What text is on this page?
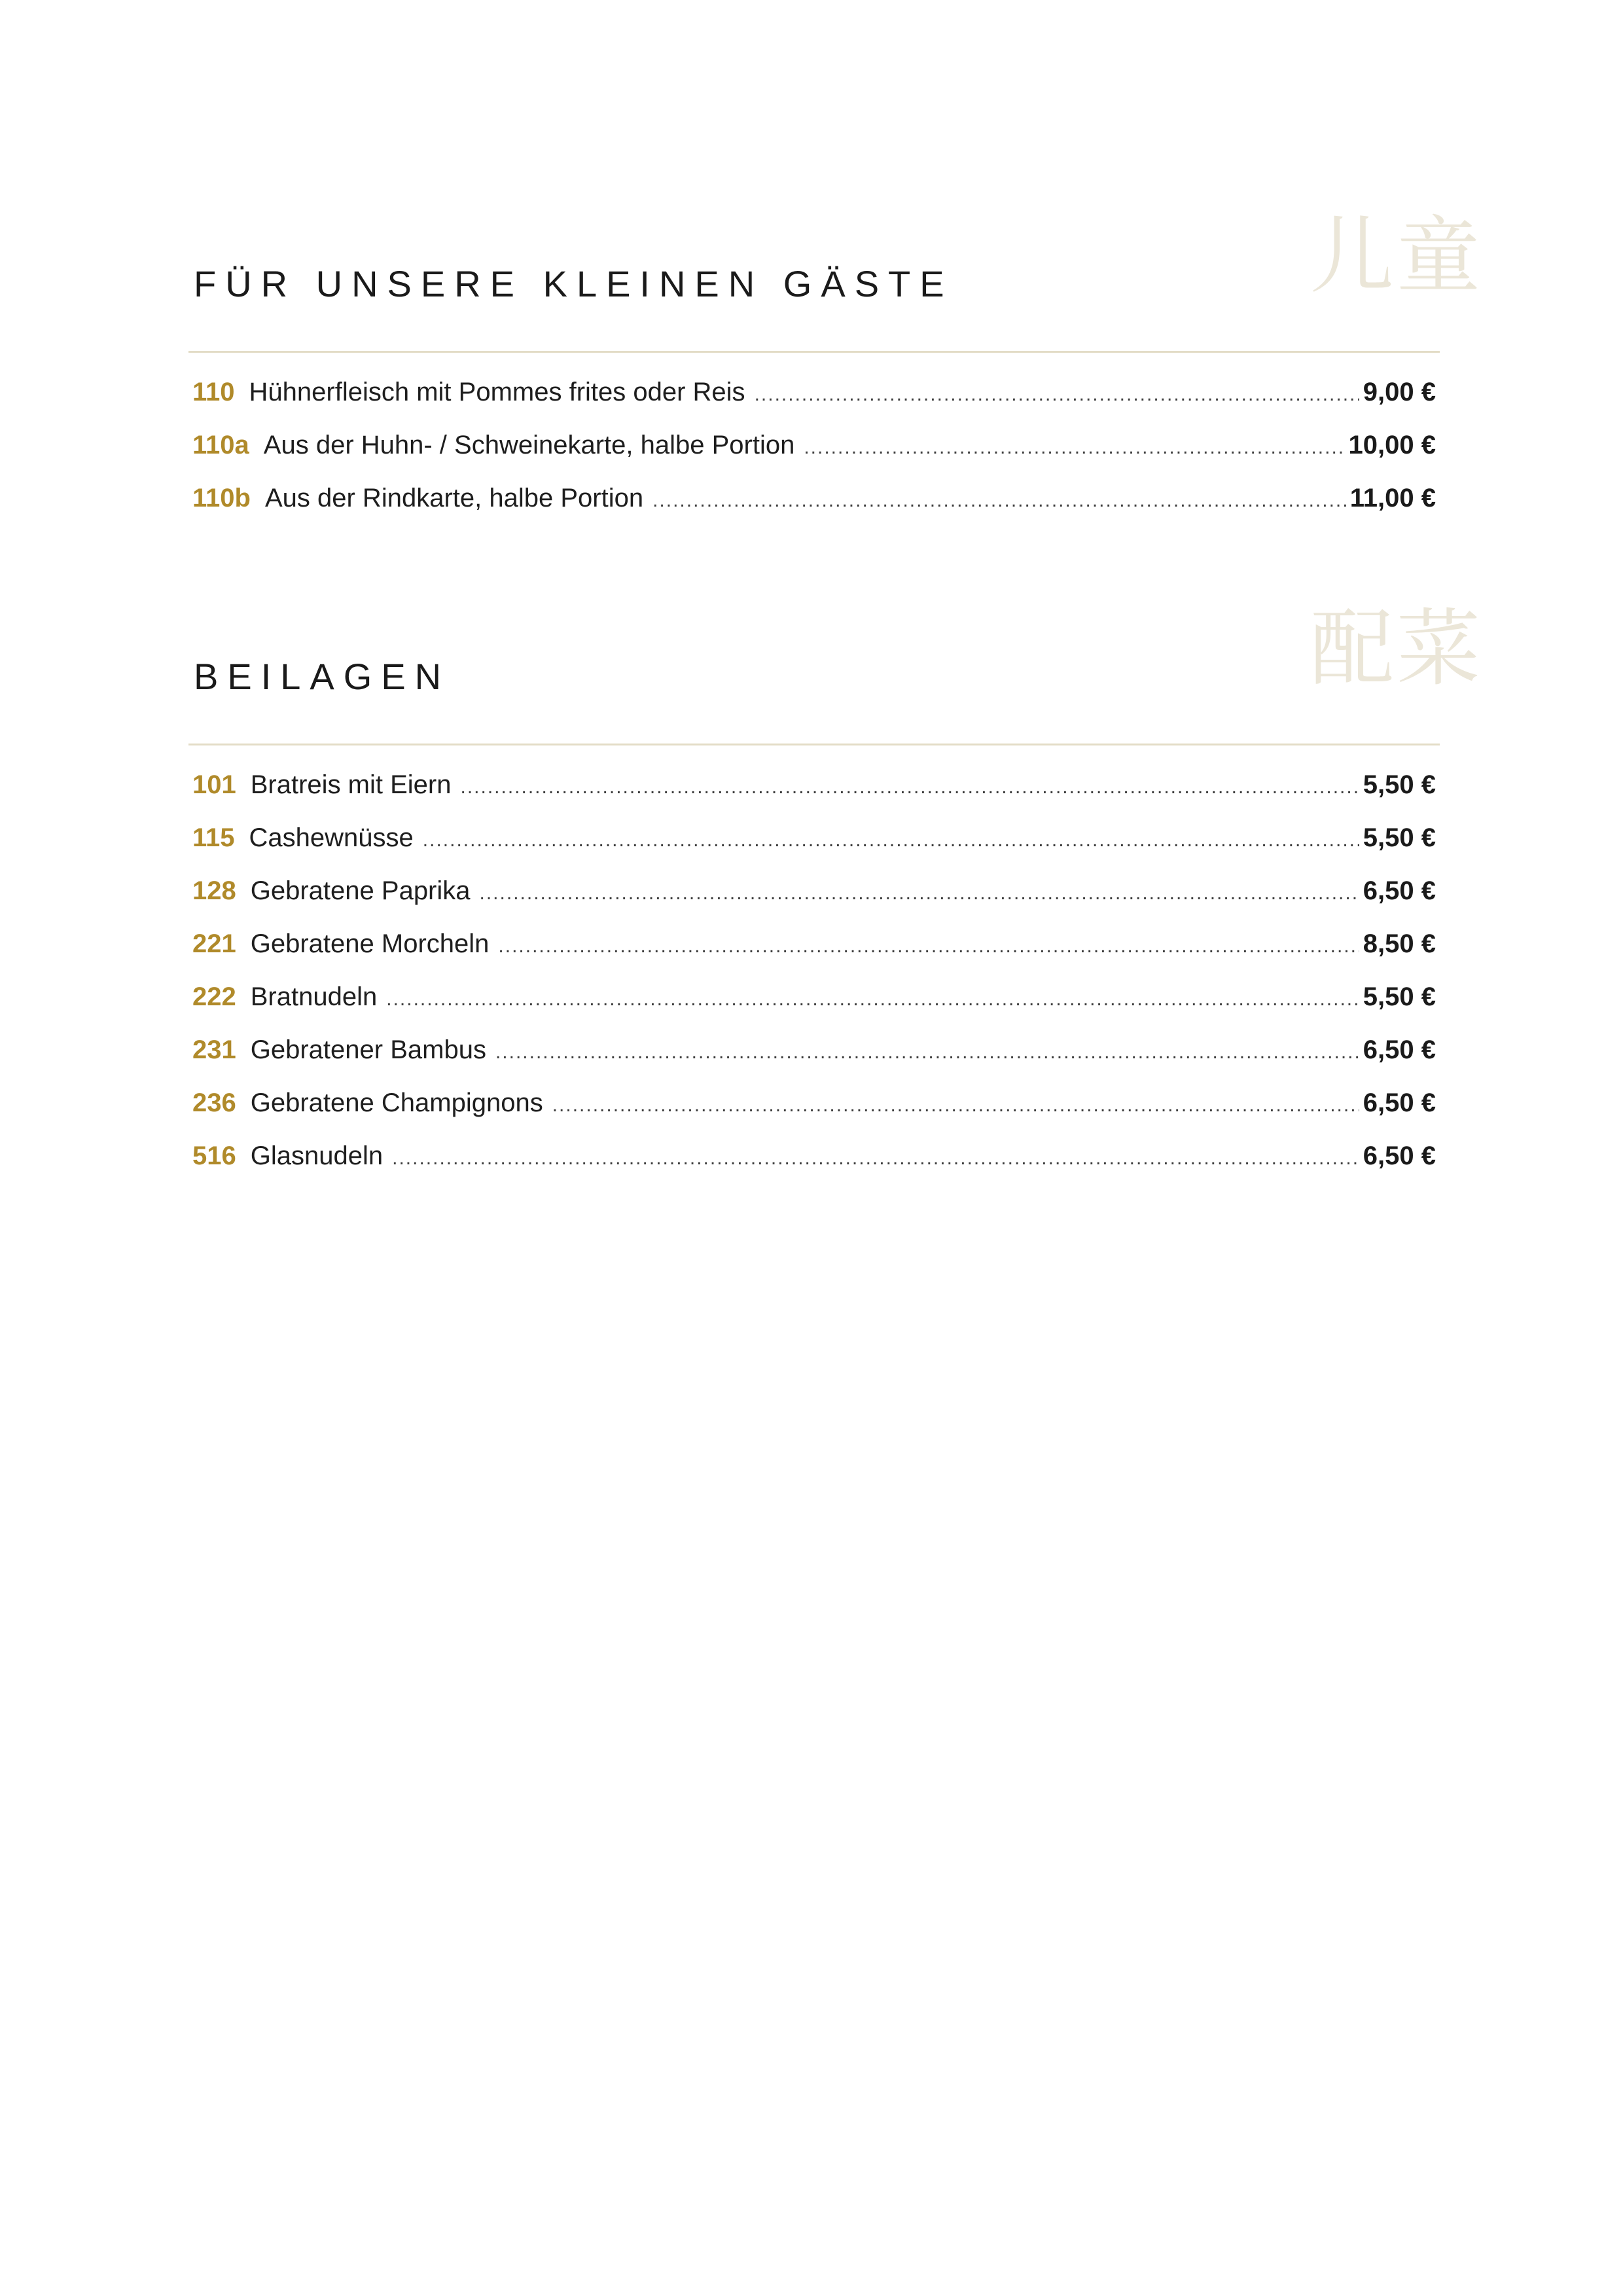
儿童
FÜR UNSERE KLEINEN GÄSTE
110 Hühnerfleisch mit Pommes frites oder Reis .....	9,00 €
110a Aus der Huhn- / Schweinekarte, halbe Portion .....	10,00 €
110b Aus der Rindkarte, halbe Portion .....	11,00 €
配菜
BEILAGEN
101 Bratreis mit Eiern .....	5,50 €
115 Cashewnüsse .....	5,50 €
128 Gebratene Paprika .....	6,50 €
221 Gebratene Morcheln .....	8,50 €
222 Bratnudeln .....	5,50 €
231 Gebratener Bambus .....	6,50 €
236 Gebratene Champignons .....	6,50 €
516 Glasnudeln .....	6,50 €
